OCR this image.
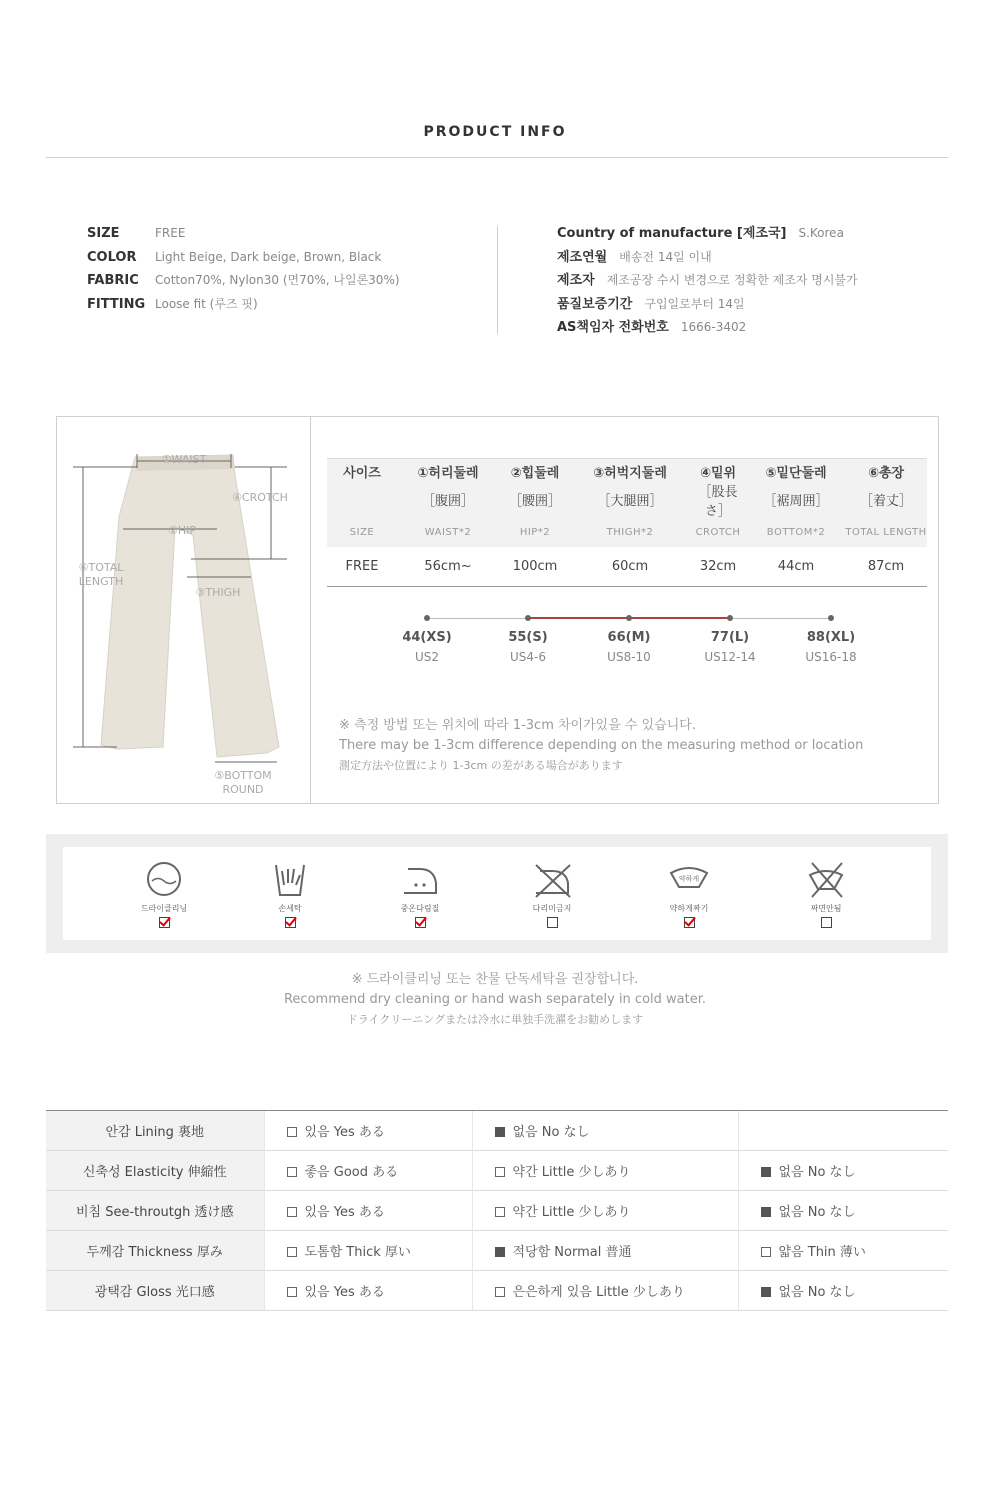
PRODUCT INFO
SIZE	FREE
COLOR Light Beige, Dark beige, Brown, Black
FABRIC Cotton70%, Nylon30 (면70%, 나일론30%)
FITTING Loose fit (루즈 핏)
Country of manufacture [제조국] S.Korea
제조연월 배송전 14일 이내
제조자 제조공장 수시 변경으로 정확한 제조자 명시불가
품질보증기간 구입일로부터 14일
AS책임자 전화번호 1666-3402
①WAIST
④CROTCH
②HIP
⑥TOTAL
LENGTH
③THIGH
⑤BOTTOM
ROUND
사이즈	①허리둘레	②힙둘레	③허벅지둘레	④밑위	⑤밑단둘레	⑥총장
	［腹囲］	［腰囲］	［大腿囲］	［股長さ］	［裾周囲］	［着丈］
SIZE	WAIST*2	HIP*2	THIGH*2	CROTCH	BOTTOM*2	TOTAL LENGTH
FREE	56cm~	100cm	60cm	32cm	44cm	87cm
44(XS)
US2
55(S)
US4-6
66(M)
US8-10
77(L)
US12-14
88(XL)
US16-18
※ 측정 방법 또는 위치에 따라 1-3cm 차이가있을 수 있습니다.
There may be 1-3cm difference depending on the measuring method or location
測定方法や位置により 1-3cm の差がある場合があります
드라이클리닝	손세탁	중온다림질	다리미금지
약하게
약하게짜기	짜면안됨
※ 드라이클리닝 또는 찬물 단독세탁을 권장합니다.
Recommend dry cleaning or hand wash separately in cold water.
ドライクリーニングまたは冷水に単独手洗濯をお勧めします
안감 Lining 裏地	있음 Yes ある	없음 No なし	
신축성 Elasticity 伸縮性	좋음 Good ある	약간 Little 少しあり	없음 No なし
비침 See-throutgh 透け感	있음 Yes ある	약간 Little 少しあり	없음 No なし
두께감 Thickness 厚み	도톰함 Thick 厚い	적당함 Normal 普通	얇음 Thin 薄い
광택감 Gloss 光口感	있음 Yes ある	은은하게 있음 Little 少しあり	없음 No なし
